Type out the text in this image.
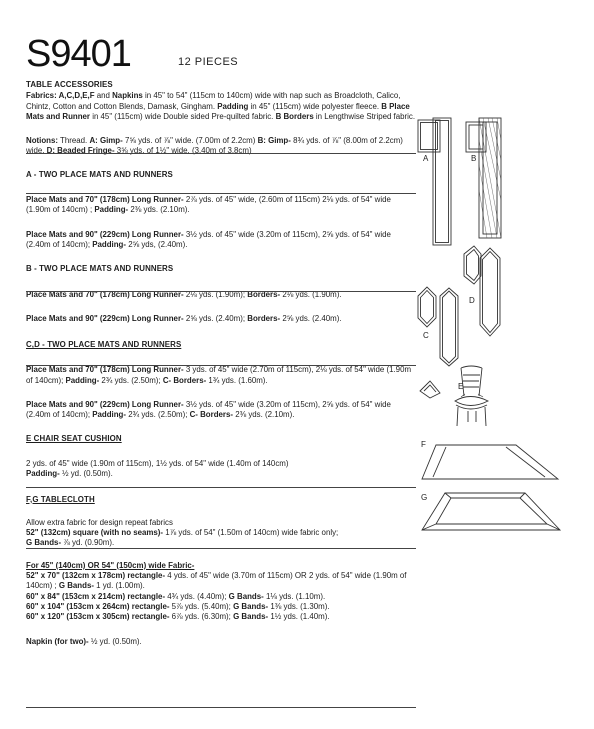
S9401	12 PIECES
TABLE ACCESSORIES

Fabrics: A,C,D,E,F and Napkins in 45" to 54" (115cm to 140cm) wide with nap such as Broadcloth, Calico, Chintz, Cotton and Cotton Blends, Damask, Gingham. Padding in 45" (115cm) wide polyester fleece. B Place Mats and Runner in 45" (115cm) wide Double sided Pre-quilted fabric. B Borders in Lengthwise Striped fabric.

Notions: Thread. A: Gimp- 7⅝ yds. of ⅞" wide. (7.00m of 2.2cm) B: Gimp- 8¾ yds. of ⅞" (8.00m of 2.2cm) wide. D: Beaded Fringe- 3⅝ yds. of 1½" wide. (3.40m of 3.8cm)

A - TWO PLACE MATS AND RUNNERS

Place Mats and 70" (178cm) Long Runner- 2⅞ yds. of 45" wide, (2.60m of 115cm) 2⅛ yds. of 54" wide (1.90m of 140cm) ; Padding- 2⅜ yds. (2.10m).

Place Mats and 90" (229cm) Long Runner- 3½ yds. of 45" wide (3.20m of 115cm), 2⅝ yds. of 54" wide (2.40m of 140cm); Padding- 2⅝ yds, (2.40m).

B - TWO PLACE MATS AND RUNNERS

Place Mats and 70" (178cm) Long Runner- 2⅛ yds. (1.90m); Borders- 2⅛ yds. (1.90m).

Place Mats and 90" (229cm) Long Runner- 2⅝ yds. (2.40m); Borders- 2⅝ yds. (2.40m).

C,D - TWO PLACE MATS AND RUNNERS

Place Mats and 70" (178cm) Long Runner- 3 yds. of 45" wide (2.70m of 115cm), 2⅛ yds. of 54" wide (1.90m of 140cm); Padding- 2¾ yds. (2.50m); C- Borders- 1¾ yds. (1.60m).

Place Mats and 90" (229cm) Long Runner- 3½ yds. of 45" wide (3.20m of 115cm), 2⅝ yds. of 54" wide (2.40m of 140cm); Padding- 2¾ yds. (2.50m); C- Borders- 2⅜ yds. (2.10m).

E CHAIR SEAT CUSHION

2 yds. of 45" wide (1.90m of 115cm), 1½ yds. of 54" wide (1.40m of 140cm)
Padding- ½ yd. (0.50m).

F,G TABLECLOTH

Allow extra fabric for design repeat fabrics

52" (132cm) square (with no seams)- 1⅞ yds. of 54" (1.50m of 140cm) wide fabric only;
G Bands- ⅞ yd. (0.90m).

For 45" (140cm) OR 54" (150cm) wide Fabric-

52" x 70" (132cm x 178cm) rectangle- 4 yds. of 45" wide (3.70m of 115cm) OR 2 yds. of 54" wide (1.90m of 140cm) ; G Bands- 1 yd. (1.00m).

60" x 84" (153cm x 214cm) rectangle- 4¾ yds. (4.40m); G Bands- 1⅛ yds. (1.10m).

60" x 104" (153cm x 264cm) rectangle- 5⅞ yds. (5.40m); G Bands- 1⅜ yds. (1.30m).

60" x 120" (153cm x 305cm) rectangle- 6⅞ yds. (6.30m); G Bands- 1½ yds. (1.40m).

Napkin (for two)- ½ yd. (0.50m).

A	B
C
D
E
F
G
